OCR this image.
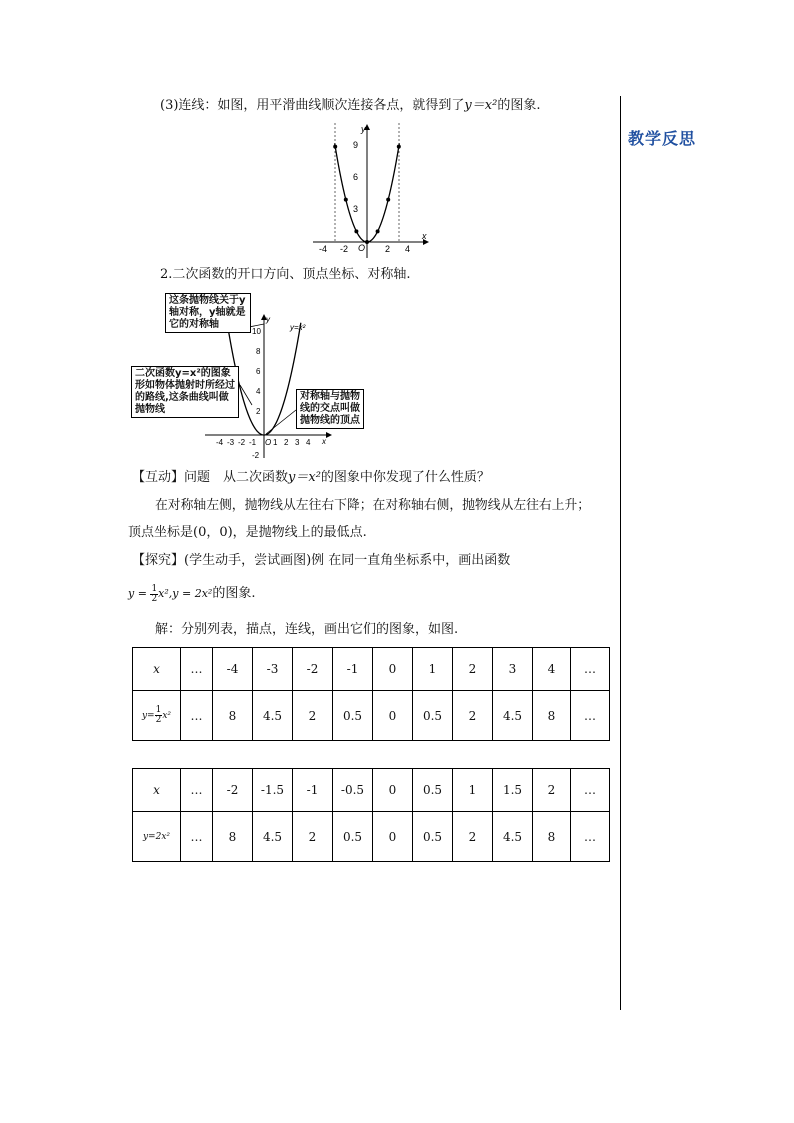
教学反思
(3)连线：如图，用平滑曲线顺次连接各点，就得到了y＝x²的图象.
y
x
O
9
6
3
-4 -2	2 4
2.二次函数的开口方向、顶点坐标、对称轴.
y
x
y=x²
10
8
6
4
2
-2
-4 -3 -2 -1 O 1 2 3 4
这条抛物线关于y轴对称，y轴就是它的对称轴
二次函数y=x²的图象形如物体抛射时所经过的路线,这条曲线叫做抛物线
对称轴与抛物线的交点叫做抛物线的顶点
【互动】问题　从二次函数y＝x²的图象中你发现了什么性质？
在对称轴左侧，抛物线从左往右下降；在对称轴右侧，抛物线从左往右上升；
顶点坐标是(0，0)，是抛物线上的最低点.
【探究】(学生动手，尝试画图)例 在同一直角坐标系中，画出函数
$y = \frac{1}{2} x^2,y = 2x^2$的图象.
解：分别列表，描点，连线，画出它们的图象，如图.
x	…	-4	-3	-2	-1	0	1	2	3	4	…
$y= \frac{1}{2} x^2$	…	8	4.5	2	0.5	0	0.5	2	4.5	8	…
x	…	-2	-1.5	-1	-0.5	0	0.5	1	1.5	2	…
y=2x²	…	8	4.5	2	0.5	0	0.5	2	4.5	8	…
